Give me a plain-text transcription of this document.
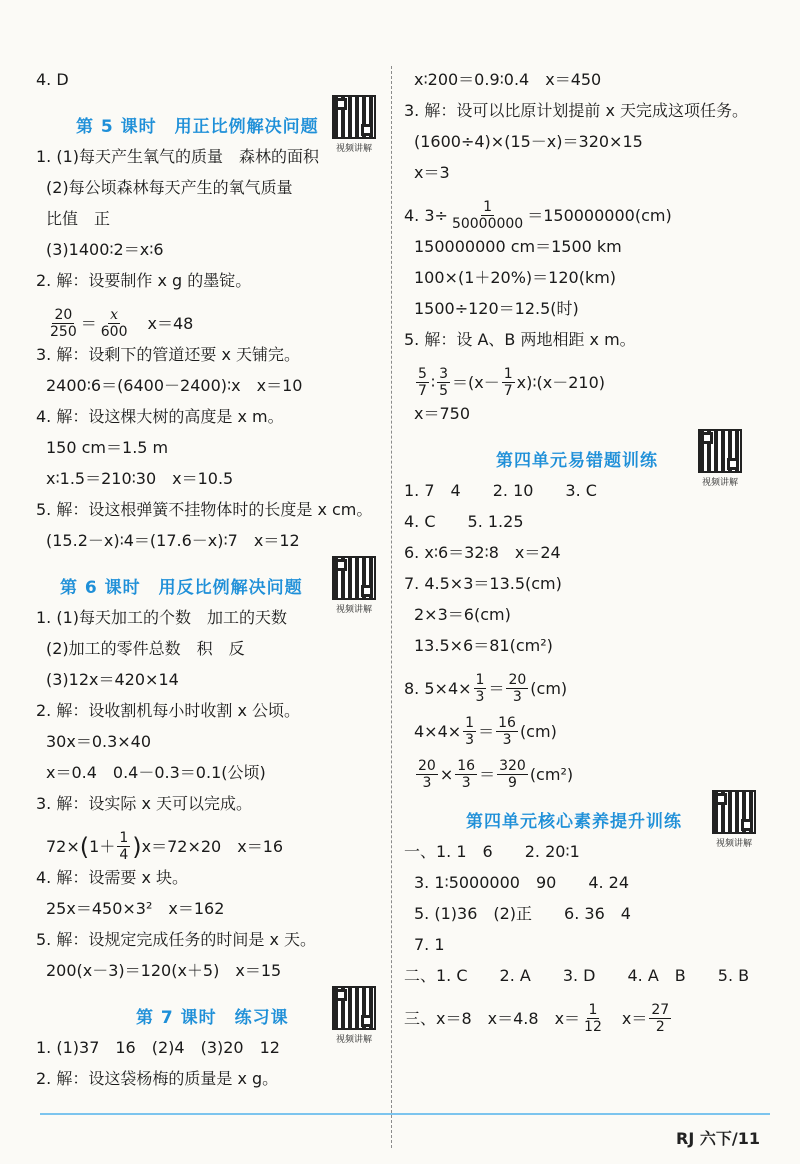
4. D
第 5 课时　用正比例解决问题
视频讲解
1. (1)每天产生氧气的质量　森林的面积
(2)每公顷森林每天产生的氧气质量
比值　正
(3)1400∶2＝x∶6
2. 解：设要制作 x g 的墨锭。
$\frac{20}{250} = \frac{x}{600} x=48$
3. 解：设剩下的管道还要 x 天铺完。
2400∶6＝(6400－2400)∶x　x＝10
4. 解：设这棵大树的高度是 x m。
150 cm＝1.5 m
x∶1.5＝210∶30　x＝10.5
5. 解：设这根弹簧不挂物体时的长度是 x cm。
(15.2－x)∶4＝(17.6－x)∶7　x＝12
第 6 课时　用反比例解决问题
视频讲解
1. (1)每天加工的个数　加工的天数
(2)加工的零件总数　积　反
(3)12x＝420×14
2. 解：设收割机每小时收割 x 公顷。
30x＝0.3×40
x＝0.4　0.4－0.3＝0.1(公顷)
3. 解：设实际 x 天可以完成。
72× ( $1+ \frac{1}{4}$ ) x＝72×20　x＝16
4. 解：设需要 x 块。
25x＝450×3²　x＝162
5. 解：设规定完成任务的时间是 x 天。
200(x－3)＝120(x＋5)　x＝15
第 7 课时　练习课
视频讲解
1. (1)37　16　(2)4　(3)20　12
2. 解：设这袋杨梅的质量是 x g。
x∶200＝0.9∶0.4　x＝450
3. 解：设可以比原计划提前 x 天完成这项任务。
(1600÷4)×(15－x)＝320×15
x＝3
4. $3\div \frac{1}{50000000} =150000000(cm)$
150000000 cm＝1500 km
100×(1＋20%)＝120(km)
1500÷120＝12.5(时)
5. 解：设 A、B 两地相距 x m。
$\frac{5}{7}$ ∶ $\frac{3}{5} =(x- \frac{1}{7}$ x)∶(x－210)
x＝750
第四单元易错题训练
视频讲解
1. 7　4　　2. 10　　3. C
4. C　　5. 1.25
6. x∶6＝32∶8　x＝24
7. 4.5×3＝13.5(cm)
2×3＝6(cm)
13.5×6＝81(cm²)
8. $5\times 4\times \frac{1}{3} = \frac{20}{3} (cm)$
$4\times 4\times \frac{1}{3} = \frac{16}{3} (cm)$
$\frac{20}{3} \times \frac{16}{3} = \frac{320}{9} (cm^2)$
第四单元核心素养提升训练
视频讲解
一、1. 1　6　　2. 20∶1
3. 1∶5000000　90　　4. 24
5. (1)36　(2)正　　6. 36　4
7. 1
二、1. C　　2. A　　3. D　　4. A　B　　5. B
三、x＝8　x＝4.8　$x= \frac{1}{12} x= \frac{27}{2}$
RJ 六下/11
